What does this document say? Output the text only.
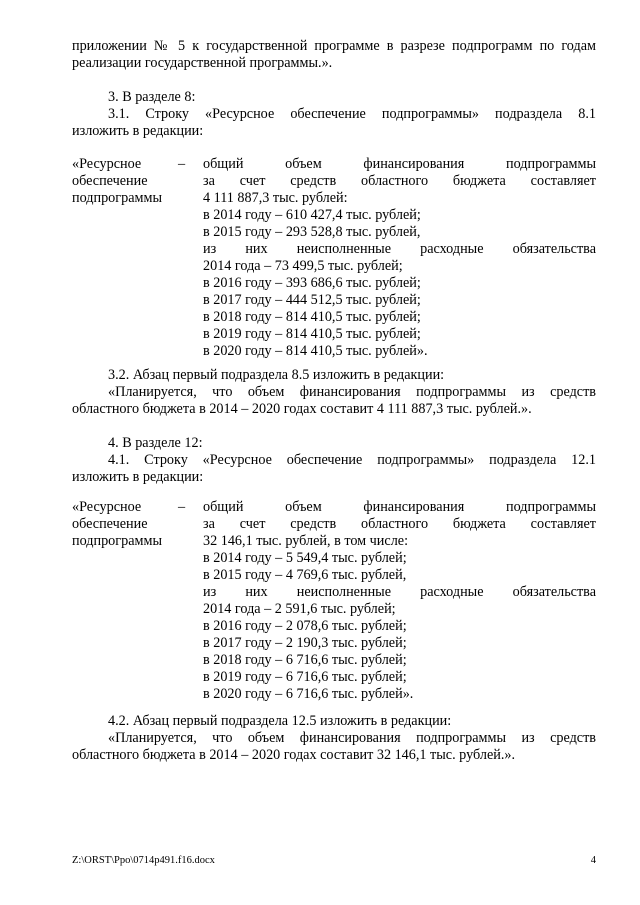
приложении № 5 к государственной программе в разрезе подпрограмм по годам

реализации государственной программы.».

3. В разделе 8:

3.1. Строку «Ресурсное обеспечение подпрограммы» подраздела 8.1

изложить в редакции:

«Ресурсное
обеспечение
подпрограммы
– общий объем финансирования подпрограммы
за счет средств областного бюджета составляет
4 111 887,3 тыс. рублей:
в 2014 году – 610 427,4 тыс. рублей;
в 2015 году – 293 528,8 тыс. рублей,
из них неисполненные расходные обязательства
2014 года – 73 499,5 тыс. рублей;
в 2016 году – 393 686,6 тыс. рублей;
в 2017 году – 444 512,5 тыс. рублей;
в 2018 году – 814 410,5 тыс. рублей;
в 2019 году – 814 410,5 тыс. рублей;
в 2020 году – 814 410,5 тыс. рублей».

3.2. Абзац первый подраздела 8.5 изложить в редакции:

«Планируется, что объем финансирования подпрограммы из средств

областного бюджета в 2014 – 2020 годах составит 4 111 887,3 тыс. рублей.».

4. В разделе 12:

4.1. Строку «Ресурсное обеспечение подпрограммы» подраздела 12.1

изложить в редакции:

«Ресурсное
обеспечение
подпрограммы
– общий объем финансирования подпрограммы
за счет средств областного бюджета составляет
32 146,1 тыс. рублей, в том числе:
в 2014 году – 5 549,4 тыс. рублей;
в 2015 году – 4 769,6 тыс. рублей,
из них неисполненные расходные обязательства
2014 года – 2 591,6 тыс. рублей;
в 2016 году – 2 078,6 тыс. рублей;
в 2017 году – 2 190,3 тыс. рублей;
в 2018 году – 6 716,6 тыс. рублей;
в 2019 году – 6 716,6 тыс. рублей;
в 2020 году – 6 716,6 тыс. рублей».

4.2. Абзац первый подраздела 12.5 изложить в редакции:

«Планируется, что объем финансирования подпрограммы из средств

областного бюджета в 2014 – 2020 годах составит 32 146,1 тыс. рублей.».

Z:\ORST\Ppo\0714p491.f16.docx	4
